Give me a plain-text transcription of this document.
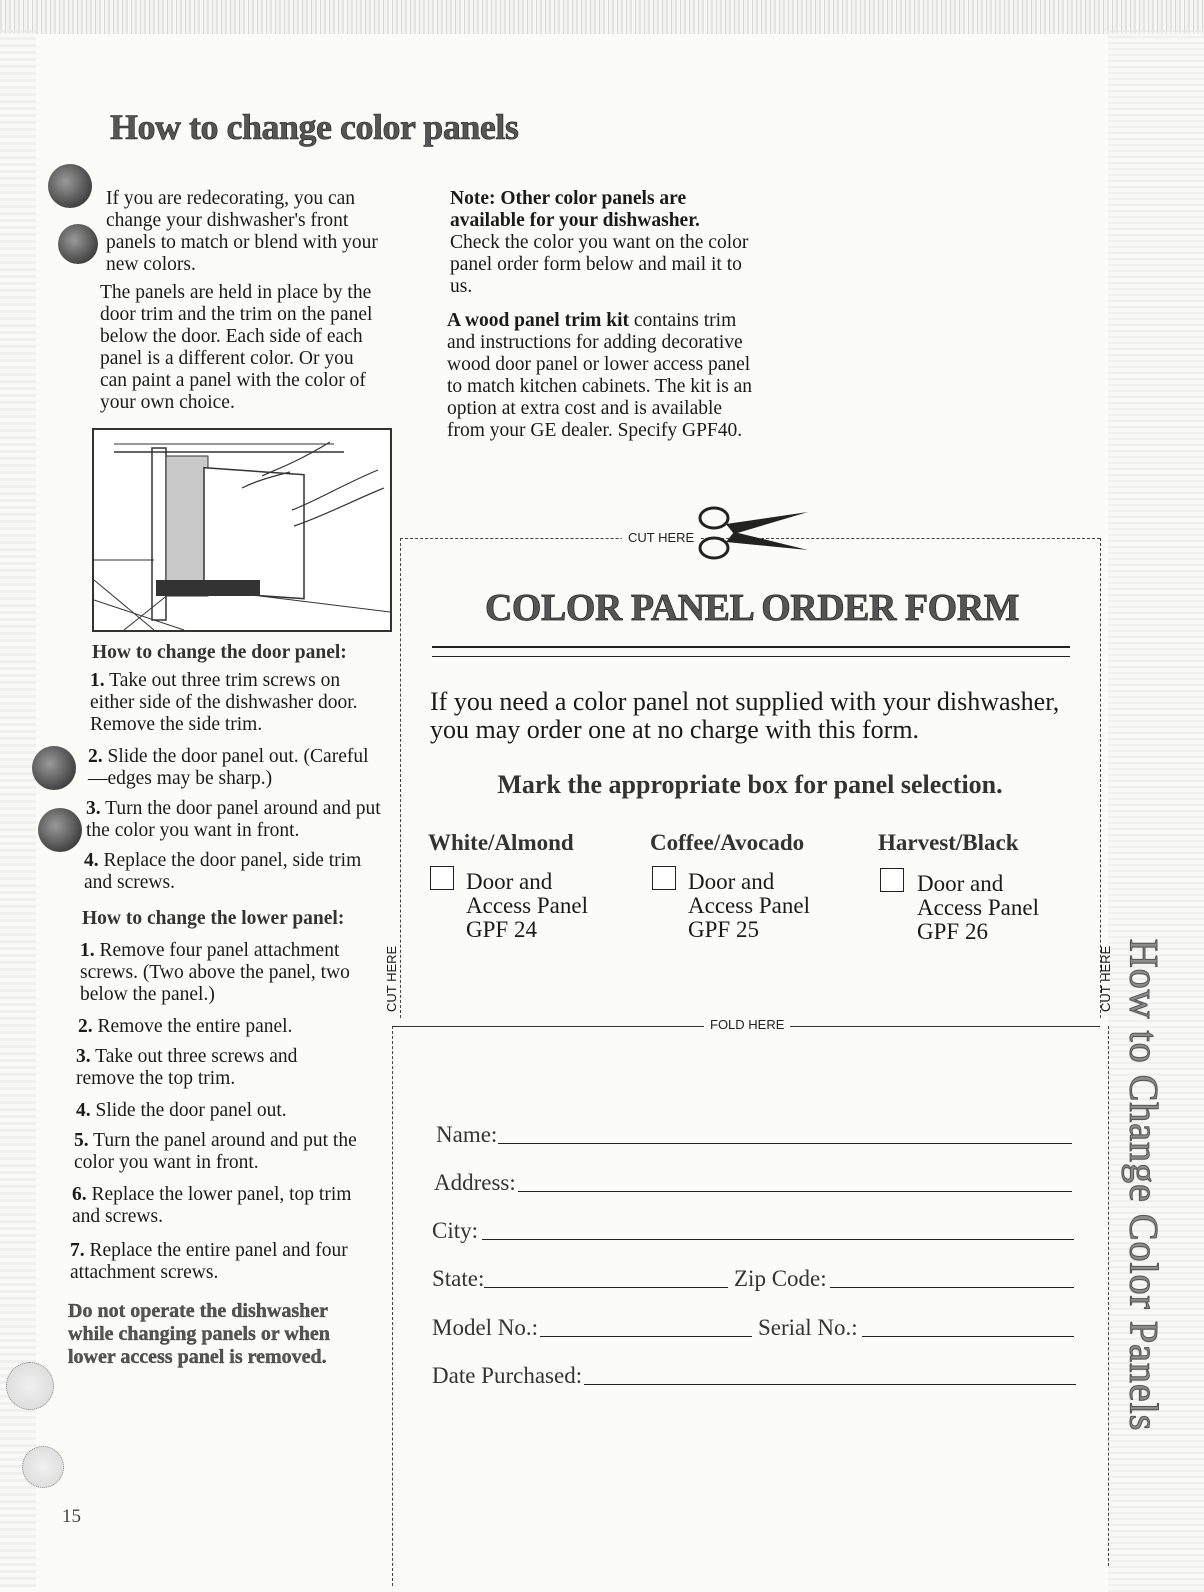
How to Change Color Panels
How to change color panels
If you are redecorating, you can change your dishwasher's front panels to match or blend with your new colors.
The panels are held in place by the door trim and the trim on the panel below the door. Each side of each panel is a different color. Or you can paint a panel with the color of your own choice.
Note: Other color panels are available for your dishwasher. Check the color you want on the color panel order form below and mail it to us.
A wood panel trim kit contains trim and instructions for adding decorative wood door panel or lower access panel to match kitchen cabinets. The kit is an option at extra cost and is available from your GE dealer. Specify GPF40.
How to change the door panel:
1. Take out three trim screws on either side of the dishwasher door. Remove the side trim.
2. Slide the door panel out. (Careful—edges may be sharp.)
3. Turn the door panel around and put the color you want in front.
4. Replace the door panel, side trim and screws.
How to change the lower panel:
1. Remove four panel attachment screws. (Two above the panel, two below the panel.)
2. Remove the entire panel.
3. Take out three screws and remove the top trim.
4. Slide the door panel out.
5. Turn the panel around and put the color you want in front.
6. Replace the lower panel, top trim and screws.
7. Replace the entire panel and four attachment screws.
Do not operate the dishwasher while changing panels or when lower access panel is removed.
CUT HERE
CUT HERE	CUT HERE
FOLD HERE
COLOR PANEL ORDER FORM
If you need a color panel not supplied with your dishwasher, you may order one at no charge with this form.
Mark the appropriate box for panel selection.
White/Almond
Door and
Access Panel
GPF 24
Coffee/Avocado
Door and
Access Panel
GPF 25
Harvest/Black
Door and
Access Panel
GPF 26
Name:
Address:
City:
State:	Zip Code:
Model No.:	Serial No.:
Date Purchased:
15
